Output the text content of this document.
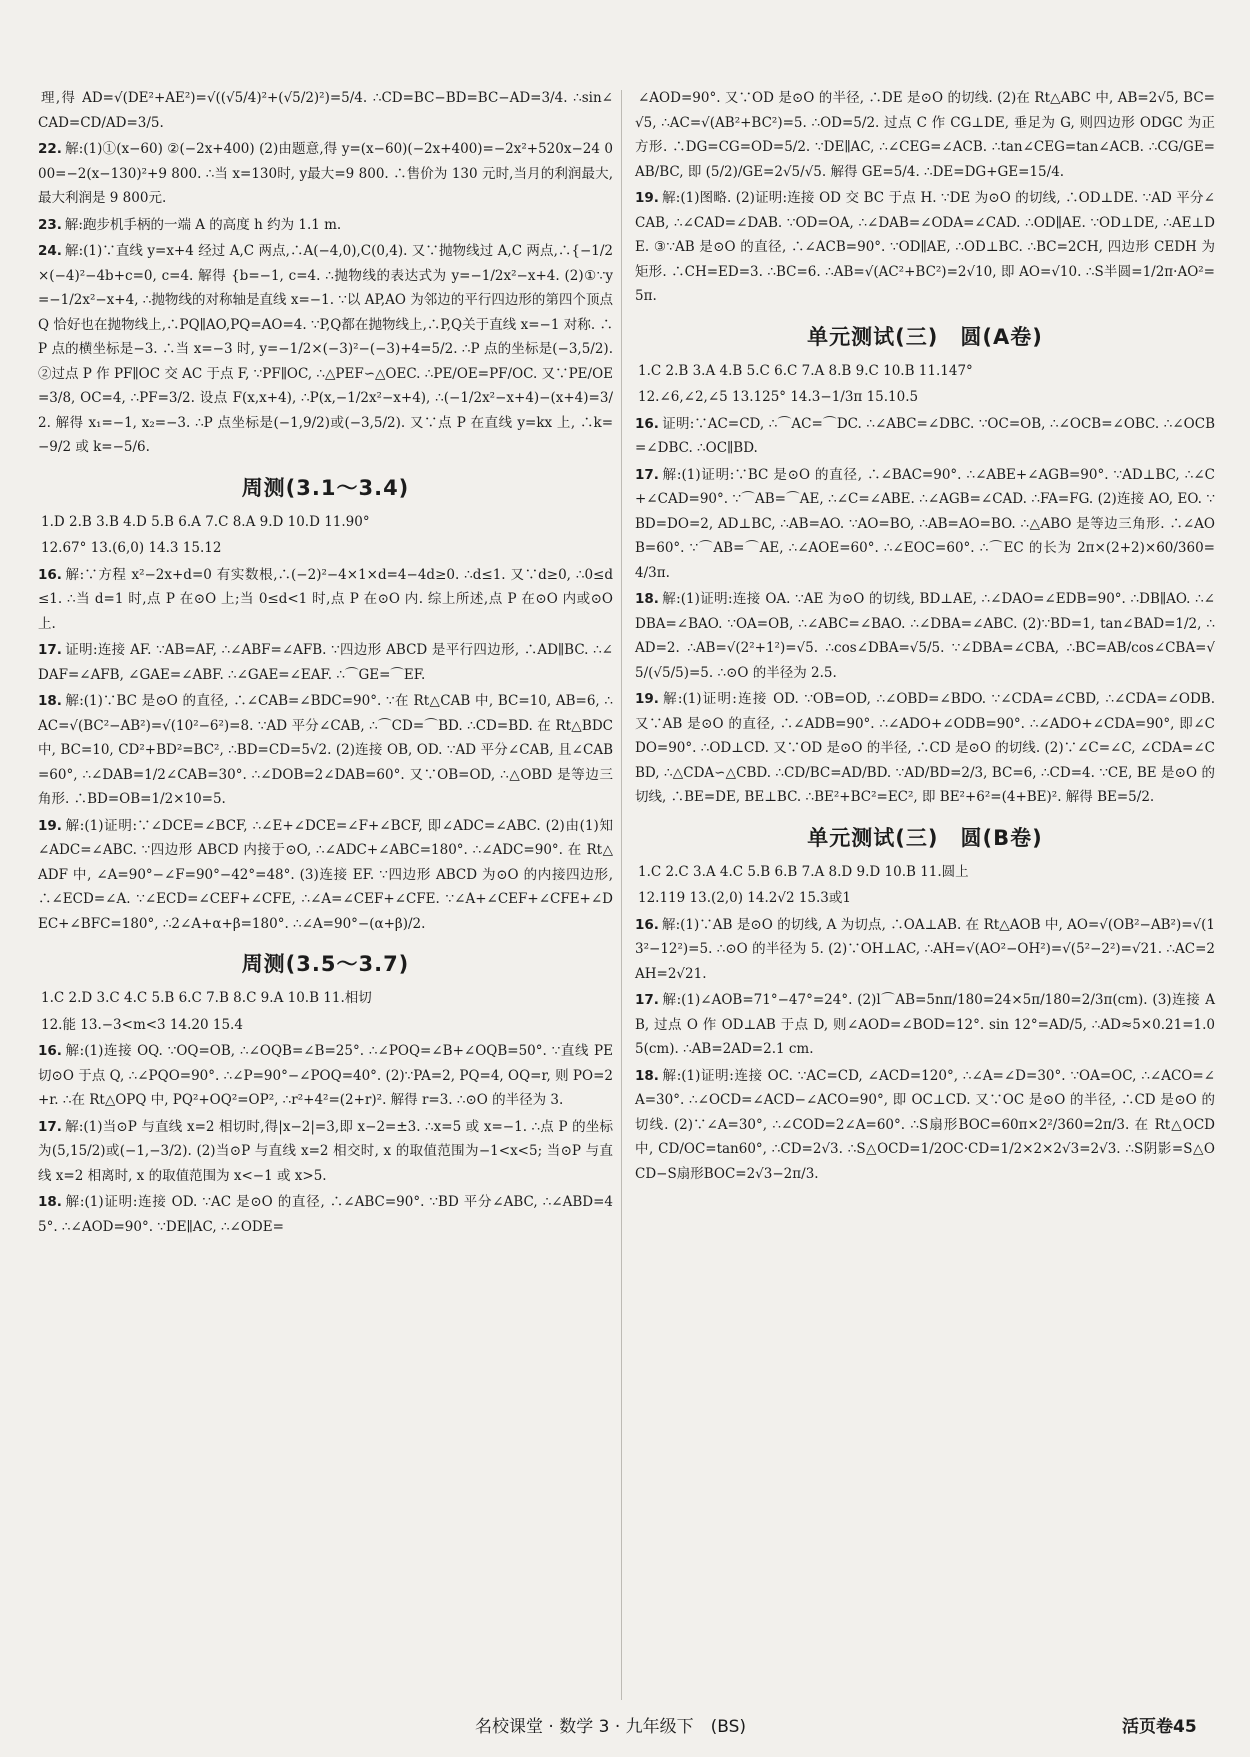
理,得 AD=√(DE²+AE²)=√((√5/4)²+(√5/2)²)=5/4. ∴CD=BC−BD=BC−AD=3/4. ∴sin∠CAD=CD/AD=3/5.

22. 解:(1)①(x−60) ②(−2x+400) (2)由题意,得 y=(x−60)(−2x+400)=−2x²+520x−24 000=−2(x−130)²+9 800. ∴当 x=130时, y最大=9 800. ∴售价为 130 元时,当月的利润最大,最大利润是 9 800元.

23. 解:跑步机手柄的一端 A 的高度 h 约为 1.1 m.

24. 解:(1)∵直线 y=x+4 经过 A,C 两点,∴A(−4,0),C(0,4). 又∵抛物线过 A,C 两点,∴{−1/2×(−4)²−4b+c=0, c=4. 解得 {b=−1, c=4. ∴抛物线的表达式为 y=−1/2x²−x+4. (2)①∵y=−1/2x²−x+4, ∴抛物线的对称轴是直线 x=−1. ∵以 AP,AO 为邻边的平行四边形的第四个顶点 Q 恰好也在抛物线上,∴PQ∥AO,PQ=AO=4. ∵P,Q都在抛物线上,∴P,Q关于直线 x=−1 对称. ∴P 点的横坐标是−3. ∴当 x=−3 时, y=−1/2×(−3)²−(−3)+4=5/2. ∴P 点的坐标是(−3,5/2). ②过点 P 作 PF∥OC 交 AC 于点 F, ∵PF∥OC, ∴△PEF∽△OEC. ∴PE/OE=PF/OC. 又∵PE/OE=3/8, OC=4, ∴PF=3/2. 设点 F(x,x+4), ∴P(x,−1/2x²−x+4), ∴(−1/2x²−x+4)−(x+4)=3/2. 解得 x₁=−1, x₂=−3. ∴P 点坐标是(−1,9/2)或(−3,5/2). 又∵点 P 在直线 y=kx 上, ∴k=−9/2 或 k=−5/6.

周测(3.1～3.4)

1.D 2.B 3.B 4.D 5.B 6.A 7.C 8.A 9.D 10.D 11.90°

12.67° 13.(6,0) 14.3 15.12

16. 解:∵方程 x²−2x+d=0 有实数根,∴(−2)²−4×1×d=4−4d≥0. ∴d≤1. 又∵d≥0, ∴0≤d≤1. ∴当 d=1 时,点 P 在⊙O 上;当 0≤d<1 时,点 P 在⊙O 内. 综上所述,点 P 在⊙O 内或⊙O 上.

17. 证明:连接 AF. ∵AB=AF, ∴∠ABF=∠AFB. ∵四边形 ABCD 是平行四边形, ∴AD∥BC. ∴∠DAF=∠AFB, ∠GAE=∠ABF. ∴∠GAE=∠EAF. ∴⌒GE=⌒EF.

18. 解:(1)∵BC 是⊙O 的直径, ∴∠CAB=∠BDC=90°. ∵在 Rt△CAB 中, BC=10, AB=6, ∴AC=√(BC²−AB²)=√(10²−6²)=8. ∵AD 平分∠CAB, ∴⌒CD=⌒BD. ∴CD=BD. 在 Rt△BDC 中, BC=10, CD²+BD²=BC², ∴BD=CD=5√2. (2)连接 OB, OD. ∵AD 平分∠CAB, 且∠CAB=60°, ∴∠DAB=1/2∠CAB=30°. ∴∠DOB=2∠DAB=60°. 又∵OB=OD, ∴△OBD 是等边三角形. ∴BD=OB=1/2×10=5.

19. 解:(1)证明:∵∠DCE=∠BCF, ∴∠E+∠DCE=∠F+∠BCF, 即∠ADC=∠ABC. (2)由(1)知∠ADC=∠ABC. ∵四边形 ABCD 内接于⊙O, ∴∠ADC+∠ABC=180°. ∴∠ADC=90°. 在 Rt△ADF 中, ∠A=90°−∠F=90°−42°=48°. (3)连接 EF. ∵四边形 ABCD 为⊙O 的内接四边形, ∴∠ECD=∠A. ∵∠ECD=∠CEF+∠CFE, ∴∠A=∠CEF+∠CFE. ∵∠A+∠CEF+∠CFE+∠DEC+∠BFC=180°, ∴2∠A+α+β=180°. ∴∠A=90°−(α+β)/2.

周测(3.5～3.7)

1.C 2.D 3.C 4.C 5.B 6.C 7.B 8.C 9.A 10.B 11.相切

12.能 13.−3<m<3 14.20 15.4

16. 解:(1)连接 OQ. ∵OQ=OB, ∴∠OQB=∠B=25°. ∴∠POQ=∠B+∠OQB=50°. ∵直线 PE 切⊙O 于点 Q, ∴∠PQO=90°. ∴∠P=90°−∠POQ=40°. (2)∵PA=2, PQ=4, OQ=r, 则 PO=2+r. ∴在 Rt△OPQ 中, PQ²+OQ²=OP², ∴r²+4²=(2+r)². 解得 r=3. ∴⊙O 的半径为 3.

17. 解:(1)当⊙P 与直线 x=2 相切时,得|x−2|=3,即 x−2=±3. ∴x=5 或 x=−1. ∴点 P 的坐标为(5,15/2)或(−1,−3/2). (2)当⊙P 与直线 x=2 相交时, x 的取值范围为−1<x<5; 当⊙P 与直线 x=2 相离时, x 的取值范围为 x<−1 或 x>5.

18. 解:(1)证明:连接 OD. ∵AC 是⊙O 的直径, ∴∠ABC=90°. ∵BD 平分∠ABC, ∴∠ABD=45°. ∴∠AOD=90°. ∵DE∥AC, ∴∠ODE=

∠AOD=90°. 又∵OD 是⊙O 的半径, ∴DE 是⊙O 的切线. (2)在 Rt△ABC 中, AB=2√5, BC=√5, ∴AC=√(AB²+BC²)=5. ∴OD=5/2. 过点 C 作 CG⊥DE, 垂足为 G, 则四边形 ODGC 为正方形. ∴DG=CG=OD=5/2. ∵DE∥AC, ∴∠CEG=∠ACB. ∴tan∠CEG=tan∠ACB. ∴CG/GE=AB/BC, 即 (5/2)/GE=2√5/√5. 解得 GE=5/4. ∴DE=DG+GE=15/4.

19. 解:(1)图略. (2)证明:连接 OD 交 BC 于点 H. ∵DE 为⊙O 的切线, ∴OD⊥DE. ∵AD 平分∠CAB, ∴∠CAD=∠DAB. ∵OD=OA, ∴∠DAB=∠ODA=∠CAD. ∴OD∥AE. ∵OD⊥DE, ∴AE⊥DE. ③∵AB 是⊙O 的直径, ∴∠ACB=90°. ∵OD∥AE, ∴OD⊥BC. ∴BC=2CH, 四边形 CEDH 为矩形. ∴CH=ED=3. ∴BC=6. ∴AB=√(AC²+BC²)=2√10, 即 AO=√10. ∴S半圆=1/2π·AO²=5π.

单元测试(三)　圆(A卷)

1.C 2.B 3.A 4.B 5.C 6.C 7.A 8.B 9.C 10.B 11.147°

12.∠6,∠2,∠5 13.125° 14.3−1/3π 15.10.5

16. 证明:∵AC=CD, ∴⌒AC=⌒DC. ∴∠ABC=∠DBC. ∵OC=OB, ∴∠OCB=∠OBC. ∴∠OCB=∠DBC. ∴OC∥BD.

17. 解:(1)证明:∵BC 是⊙O 的直径, ∴∠BAC=90°. ∴∠ABE+∠AGB=90°. ∵AD⊥BC, ∴∠C+∠CAD=90°. ∵⌒AB=⌒AE, ∴∠C=∠ABE. ∴∠AGB=∠CAD. ∴FA=FG. (2)连接 AO, EO. ∵BD=DO=2, AD⊥BC, ∴AB=AO. ∵AO=BO, ∴AB=AO=BO. ∴△ABO 是等边三角形. ∴∠AOB=60°. ∵⌒AB=⌒AE, ∴∠AOE=60°. ∴∠EOC=60°. ∴⌒EC 的长为 2π×(2+2)×60/360=4/3π.

18. 解:(1)证明:连接 OA. ∵AE 为⊙O 的切线, BD⊥AE, ∴∠DAO=∠EDB=90°. ∴DB∥AO. ∴∠DBA=∠BAO. ∵OA=OB, ∴∠ABC=∠BAO. ∴∠DBA=∠ABC. (2)∵BD=1, tan∠BAD=1/2, ∴AD=2. ∴AB=√(2²+1²)=√5. ∴cos∠DBA=√5/5. ∵∠DBA=∠CBA, ∴BC=AB/cos∠CBA=√5/(√5/5)=5. ∴⊙O 的半径为 2.5.

19. 解:(1)证明:连接 OD. ∵OB=OD, ∴∠OBD=∠BDO. ∵∠CDA=∠CBD, ∴∠CDA=∠ODB. 又∵AB 是⊙O 的直径, ∴∠ADB=90°. ∴∠ADO+∠ODB=90°. ∴∠ADO+∠CDA=90°, 即∠CDO=90°. ∴OD⊥CD. 又∵OD 是⊙O 的半径, ∴CD 是⊙O 的切线. (2)∵∠C=∠C, ∠CDA=∠CBD, ∴△CDA∽△CBD. ∴CD/BC=AD/BD. ∵AD/BD=2/3, BC=6, ∴CD=4. ∵CE, BE 是⊙O 的切线, ∴BE=DE, BE⊥BC. ∴BE²+BC²=EC², 即 BE²+6²=(4+BE)². 解得 BE=5/2.

单元测试(三)　圆(B卷)

1.C 2.C 3.A 4.C 5.B 6.B 7.A 8.D 9.D 10.B 11.圆上

12.119 13.(2,0) 14.2√2 15.3或1

16. 解:(1)∵AB 是⊙O 的切线, A 为切点, ∴OA⊥AB. 在 Rt△AOB 中, AO=√(OB²−AB²)=√(13²−12²)=5. ∴⊙O 的半径为 5. (2)∵OH⊥AC, ∴AH=√(AO²−OH²)=√(5²−2²)=√21. ∴AC=2AH=2√21.

17. 解:(1)∠AOB=71°−47°=24°. (2)l⌒AB=5nπ/180=24×5π/180=2/3π(cm). (3)连接 AB, 过点 O 作 OD⊥AB 于点 D, 则∠AOD=∠BOD=12°. sin 12°=AD/5, ∴AD≈5×0.21=1.05(cm). ∴AB=2AD=2.1 cm.

18. 解:(1)证明:连接 OC. ∵AC=CD, ∠ACD=120°, ∴∠A=∠D=30°. ∵OA=OC, ∴∠ACO=∠A=30°. ∴∠OCD=∠ACD−∠ACO=90°, 即 OC⊥CD. 又∵OC 是⊙O 的半径, ∴CD 是⊙O 的切线. (2)∵∠A=30°, ∴∠COD=2∠A=60°. ∴S扇形BOC=60π×2²/360=2π/3. 在 Rt△OCD 中, CD/OC=tan60°, ∴CD=2√3. ∴S△OCD=1/2OC·CD=1/2×2×2√3=2√3. ∴S阴影=S△OCD−S扇形BOC=2√3−2π/3.

名校课堂 · 数学 3 · 九年级下　(BS)	活页卷45
